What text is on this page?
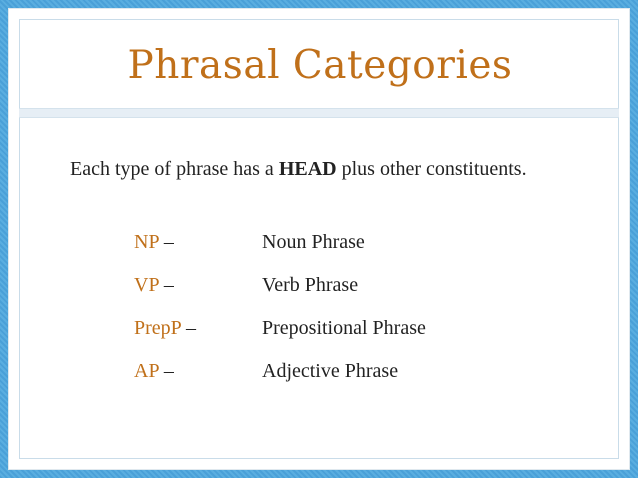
Phrasal Categories
Each type of phrase has a HEAD plus other constituents.
NP –	Noun Phrase
VP –	Verb Phrase
PrepP –	Prepositional Phrase
AP –	Adjective Phrase
